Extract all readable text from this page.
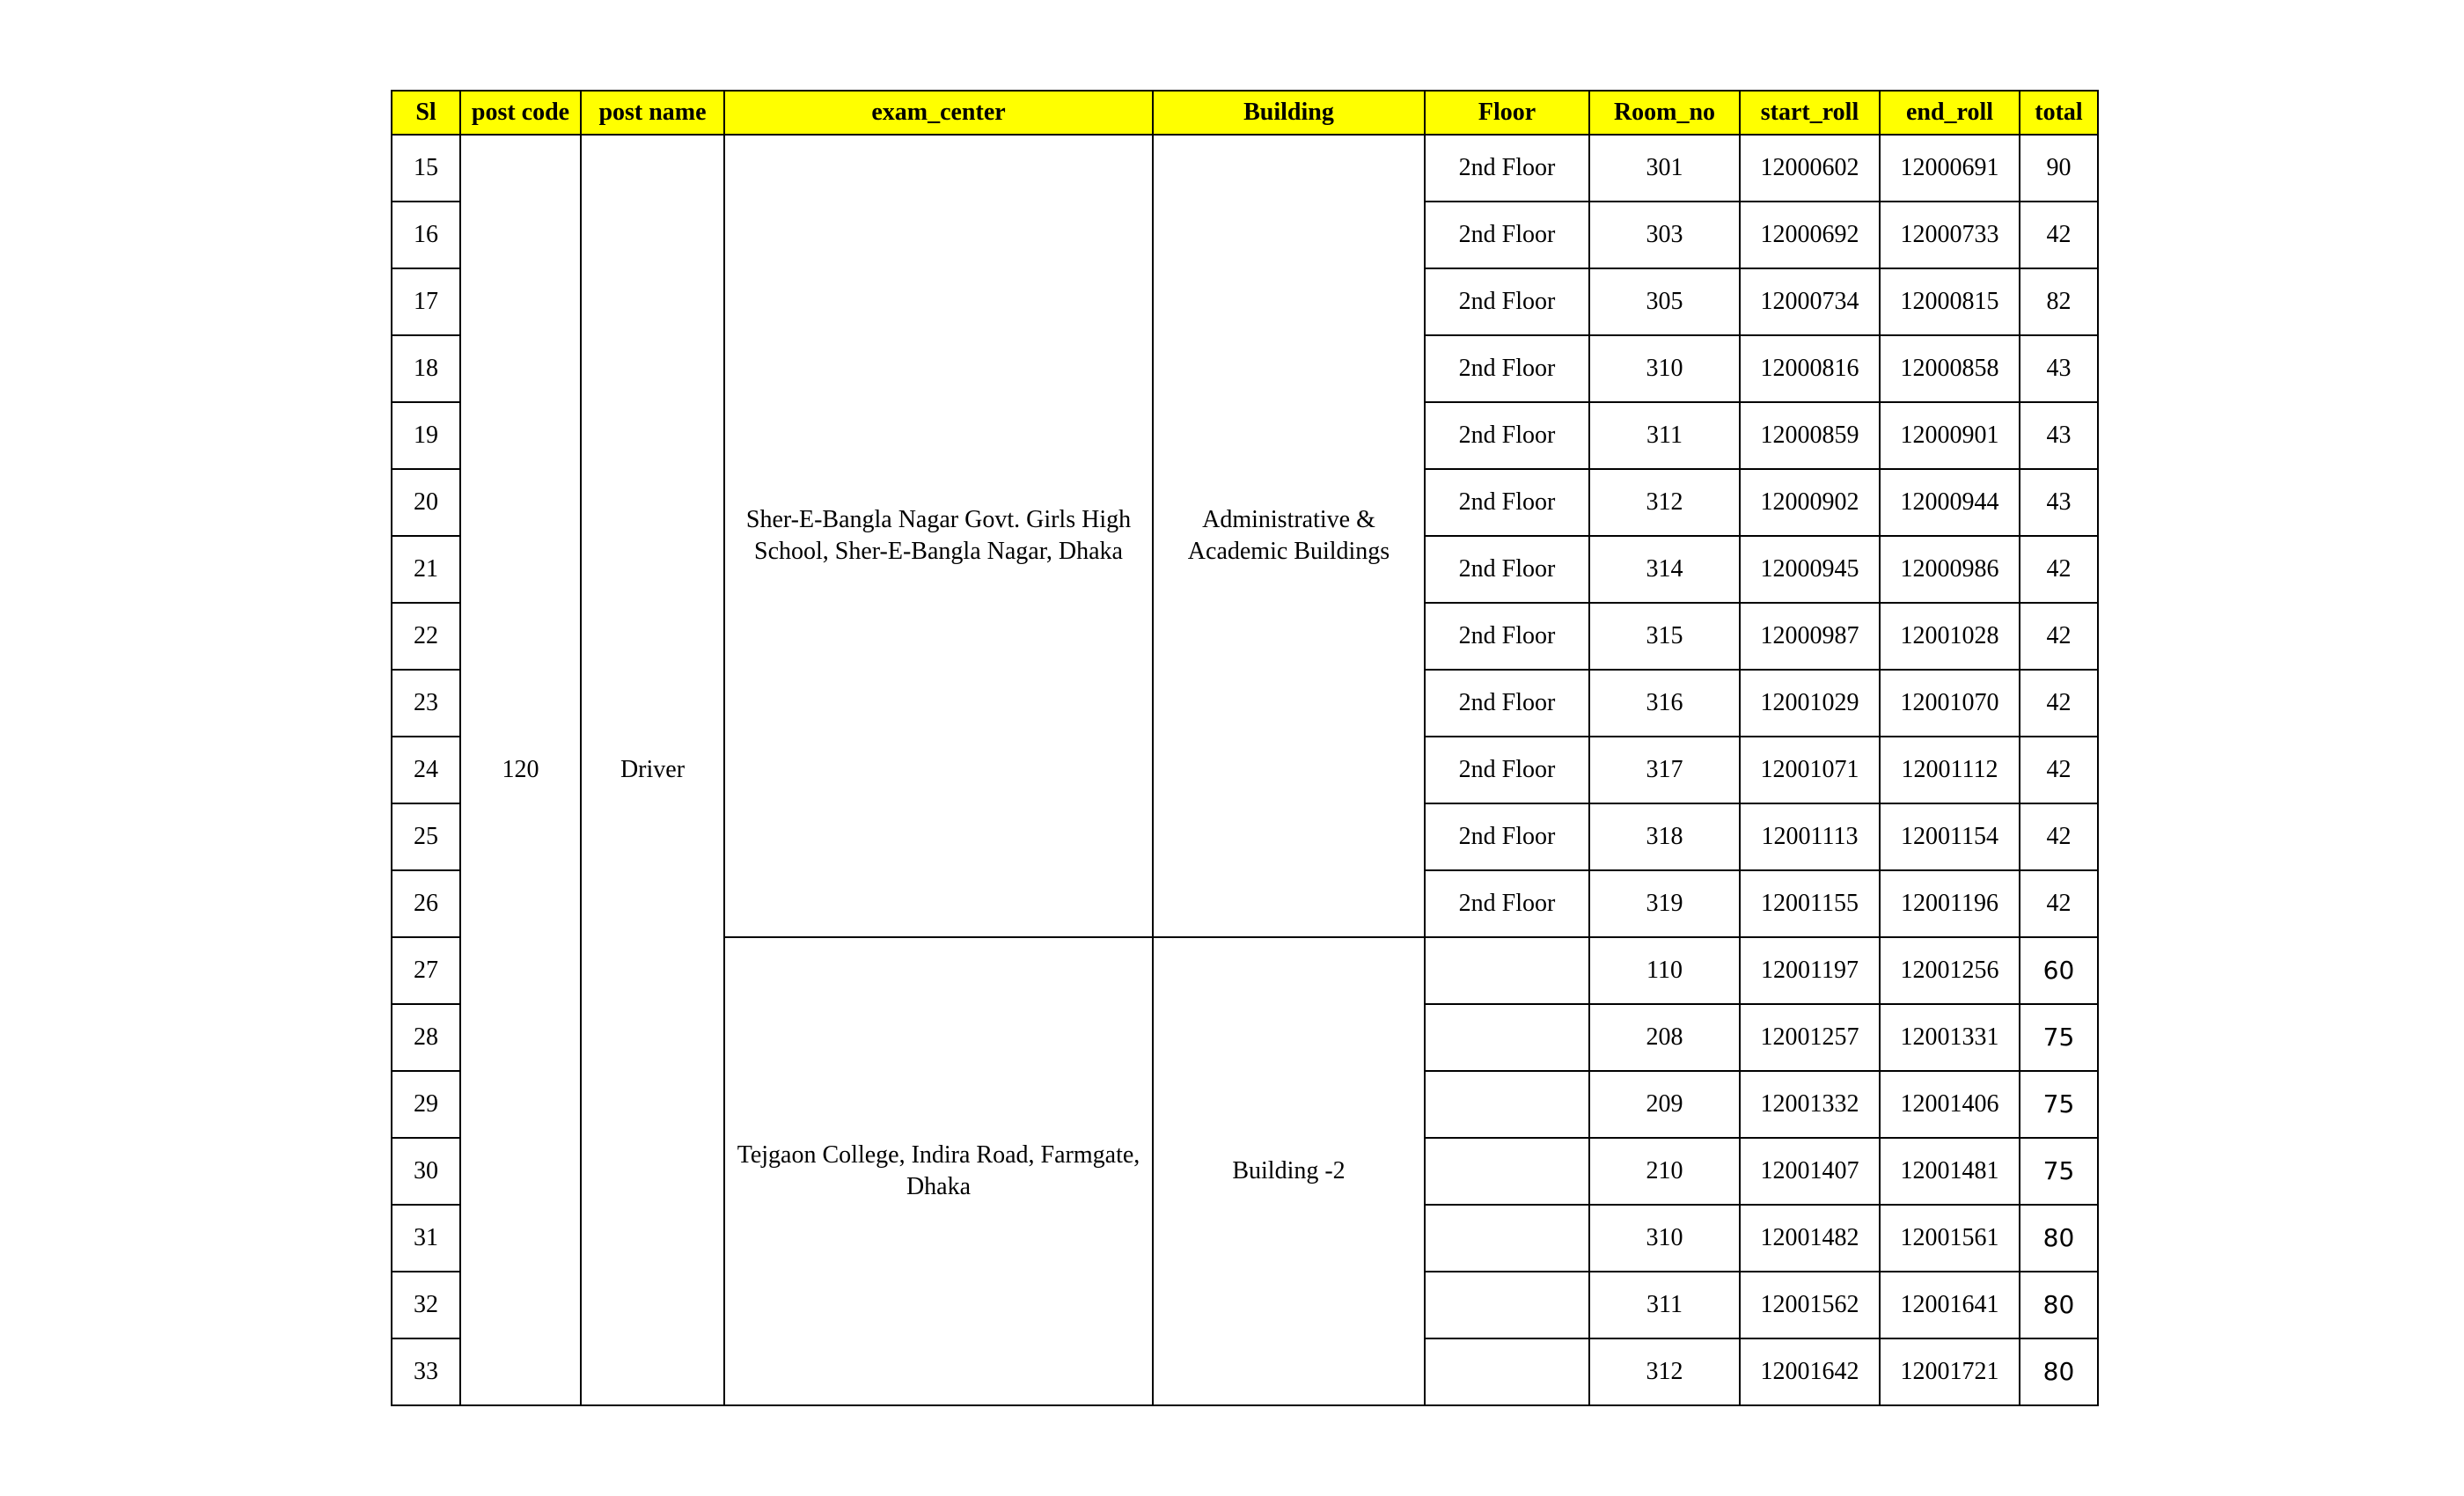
Sl	post code	post name	exam_center	Building	Floor	Room_no	start_roll	end_roll	total
15	120	Driver	Sher-E-Bangla Nagar Govt. Girls High School, Sher-E-Bangla Nagar, Dhaka	Administrative & Academic Buildings	2nd Floor	301	12000602	12000691	90
16					2nd Floor	303	12000692	12000733	42
17					2nd Floor	305	12000734	12000815	82
18					2nd Floor	310	12000816	12000858	43
19					2nd Floor	311	12000859	12000901	43
20					2nd Floor	312	12000902	12000944	43
21					2nd Floor	314	12000945	12000986	42
22					2nd Floor	315	12000987	12001028	42
23					2nd Floor	316	12001029	12001070	42
24					2nd Floor	317	12001071	12001112	42
25					2nd Floor	318	12001113	12001154	42
26					2nd Floor	319	12001155	12001196	42
27			Tejgaon College, Indira Road, Farmgate, Dhaka	Building -2		110	12001197	12001256	60
28						208	12001257	12001331	75
29						209	12001332	12001406	75
30						210	12001407	12001481	75
31						310	12001482	12001561	80
32						311	12001562	12001641	80
33						312	12001642	12001721	80
